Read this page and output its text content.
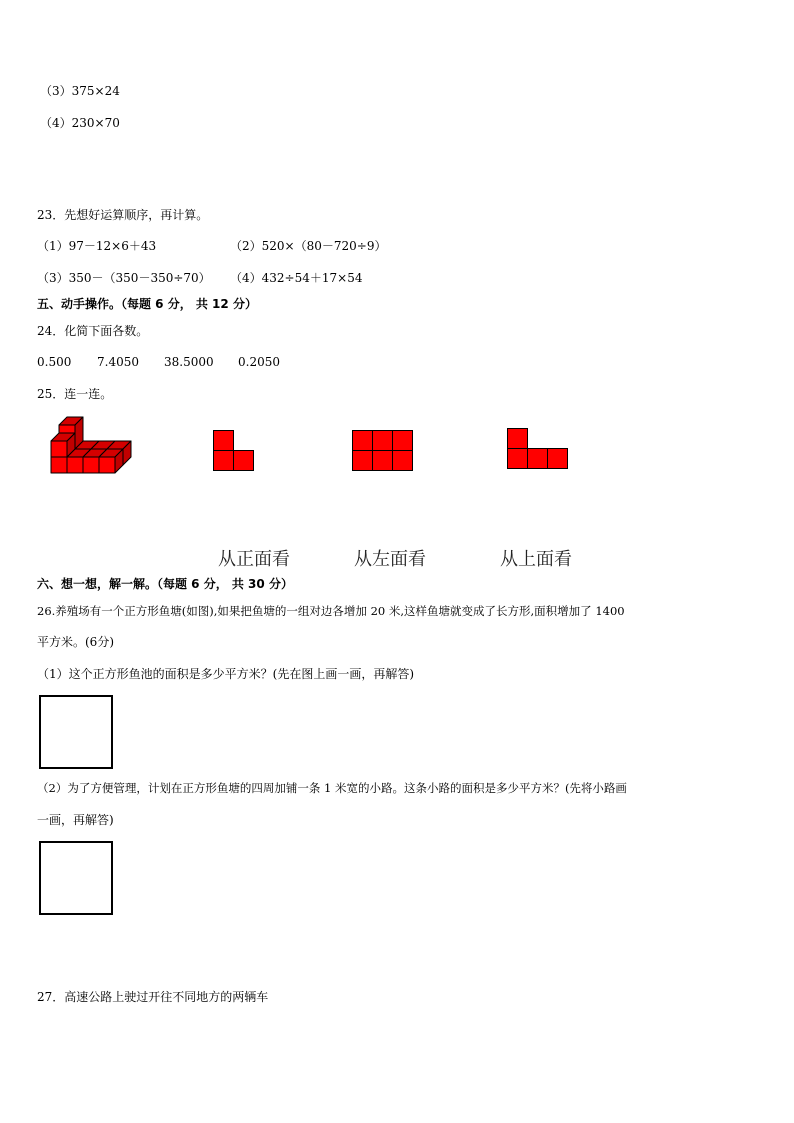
（3）375×24
（4）230×70
23．先想好运算顺序，再计算。
（1）97－12×6＋43	（2）520×（80－720÷9）
（3）350－（350－350÷70） （4）432÷54＋17×54
五、动手操作。（每题 6 分， 共 12 分）
24．化简下面各数。
0.500 7.4050 38.5000 0.2050
25．连一连。
从正面看	从左面看	从上面看
六、想一想，解一解。（每题 6 分， 共 30 分）
26.养殖场有一个正方形鱼塘(如图),如果把鱼塘的一组对边各增加 20 米,这样鱼塘就变成了长方形,面积增加了 1400
平方米。(6分)
（1）这个正方形鱼池的面积是多少平方米？(先在图上画一画，再解答)
（2）为了方便管理，计划在正方形鱼塘的四周加铺一条 1 米宽的小路。这条小路的面积是多少平方米？(先将小路画
一画，再解答)
27．高速公路上驶过开往不同地方的两辆车
